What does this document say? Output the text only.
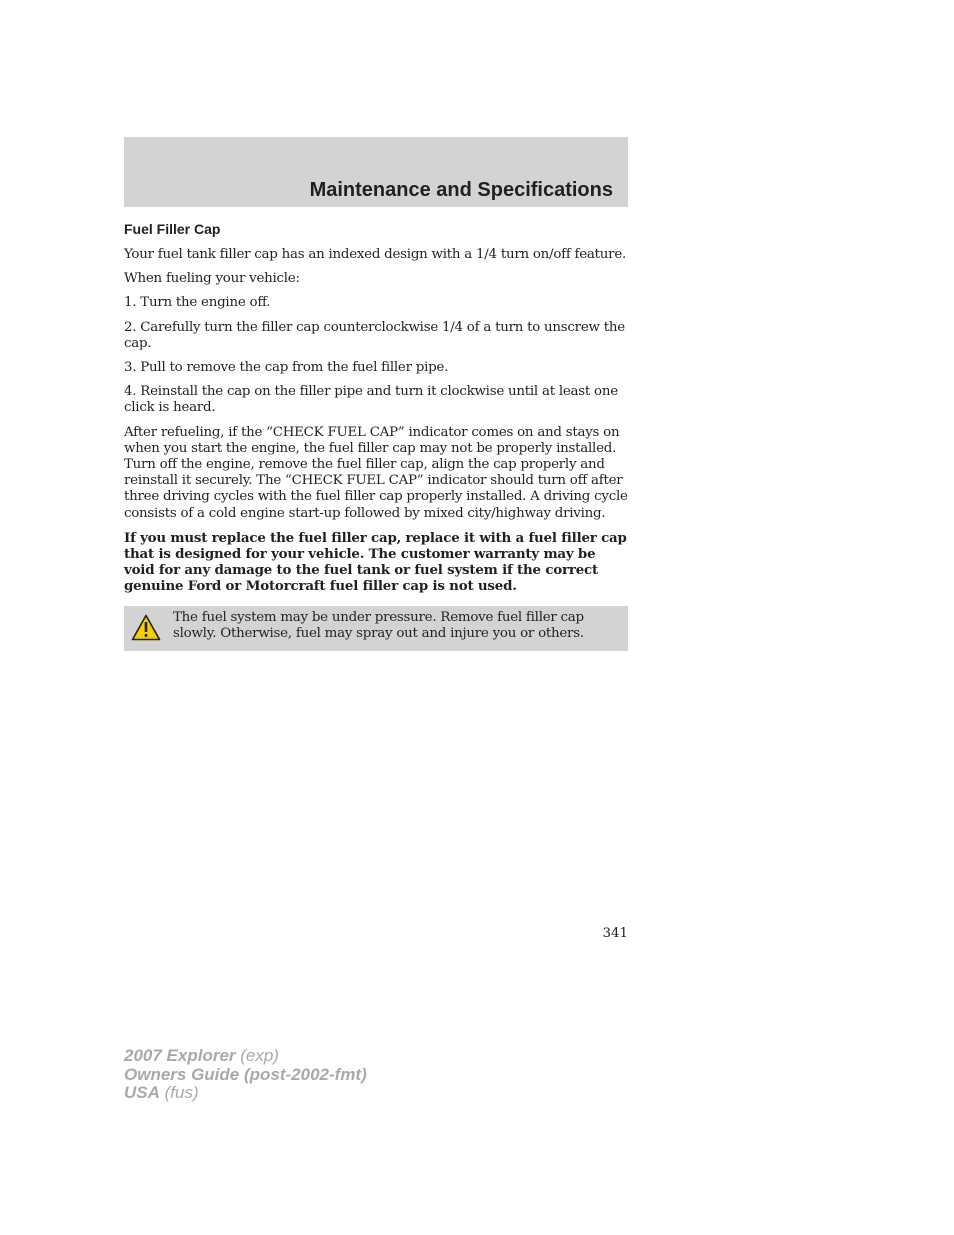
Maintenance and Specifications
Fuel Filler Cap

Your fuel tank filler cap has an indexed design with a 1/4 turn on/off feature.

When fueling your vehicle:

1. Turn the engine off.

2. Carefully turn the filler cap counterclockwise 1/4 of a turn to unscrew the cap.

3. Pull to remove the cap from the fuel filler pipe.

4. Reinstall the cap on the filler pipe and turn it clockwise until at least one click is heard.

After refueling, if the “CHECK FUEL CAP” indicator comes on and stays on when you start the engine, the fuel filler cap may not be properly installed. Turn off the engine, remove the fuel filler cap, align the cap properly and reinstall it securely. The “CHECK FUEL CAP” indicator should turn off after three driving cycles with the fuel filler cap properly installed. A driving cycle consists of a cold engine start-up followed by mixed city/highway driving.

If you must replace the fuel filler cap, replace it with a fuel filler cap that is designed for your vehicle. The customer warranty may be void for any damage to the fuel tank or fuel system if the correct genuine Ford or Motorcraft fuel filler cap is not used.

The fuel system may be under pressure. Remove fuel filler cap slowly. Otherwise, fuel may spray out and injure you or others.
341
2007 Explorer (exp)
Owners Guide (post-2002-fmt)
USA (fus)
